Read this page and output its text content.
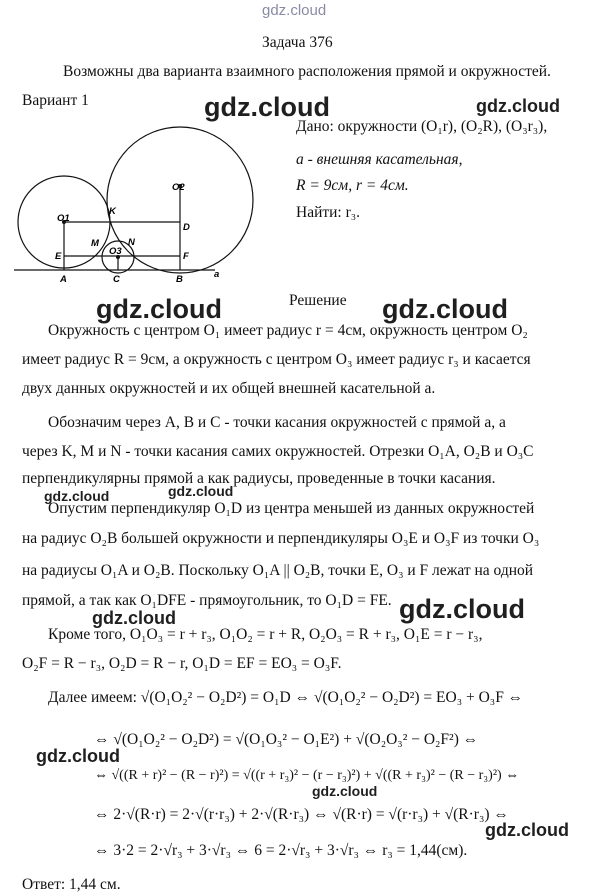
gdz.cloud
Задача 376
Возможны два варианта взаимного расположения прямой и окружностей.
Вариант 1	gdz.cloud	gdz.cloud
Дано: окружности (O₁r), (O₂R), (O₃r₃),
a - внешняя касательная,
R = 9см, r = 4см.
Найти: r₃.
O1
O2
O3
K
D
M	N
E	F
A	C	B	a
Решение
gdz.cloud	gdz.cloud
Окружность с центром O₁ имеет радиус r = 4см, окружность центром O₂
имеет радиус R = 9см, а окружность с центром O₃ имеет радиус r₃ и касается
двух данных окружностей и их общей внешней касательной a.
Обозначим через A, B и C - точки касания окружностей с прямой a, а
через K, M и N - точки касания самих окружностей. Отрезки O₁A, O₂B и O₃C
перпендикулярны прямой a как радиусы, проведенные в точки касания.
gdz.cloud	gdz.cloud
Опустим перпендикуляр O₁D из центра меньшей из данных окружностей
на радиус O₂B большей окружности и перпендикуляры O₃E и O₃F из точки O₃
на радиусы O₁A и O₂B. Поскольку O₁A || O₂B, точки E, O₃ и F лежат на одной
прямой, а так как O₁DFE - прямоугольник, то O₁D = FE. gdz.cloud
gdz.cloud
Кроме того, O₁O₃ = r + r₃, O₁O₂ = r + R, O₂O₃ = R + r₃, O₁E = r − r₃,
O₂F = R − r₃, O₂D = R − r, O₁D = EF = EO₃ = O₃F.
Далее имеем: √(O₁O₂² − O₂D²) = O₁D ⇔ √(O₁O₂² − O₂D²) = EO₃ + O₃F ⇔
⇔ √(O₁O₂² − O₂D²) = √(O₁O₃² − O₁E²) + √(O₂O₃² − O₂F²) ⇔
gdz.cloud
⇔ √((R + r)² − (R − r)²) = √((r + r₃)² − (r − r₃)²) + √((R + r₃)² − (R − r₃)²) ⇔
gdz.cloud
⇔ 2·√(R·r) = 2·√(r·r₃) + 2·√(R·r₃) ⇔ √(R·r) = √(r·r₃) + √(R·r₃) ⇔
gdz.cloud
⇔ 3·2 = 2·√r₃ + 3·√r₃ ⇔ 6 = 2·√r₃ + 3·√r₃ ⇔ r₃ = 1,44(см).
Ответ: 1,44 см.
